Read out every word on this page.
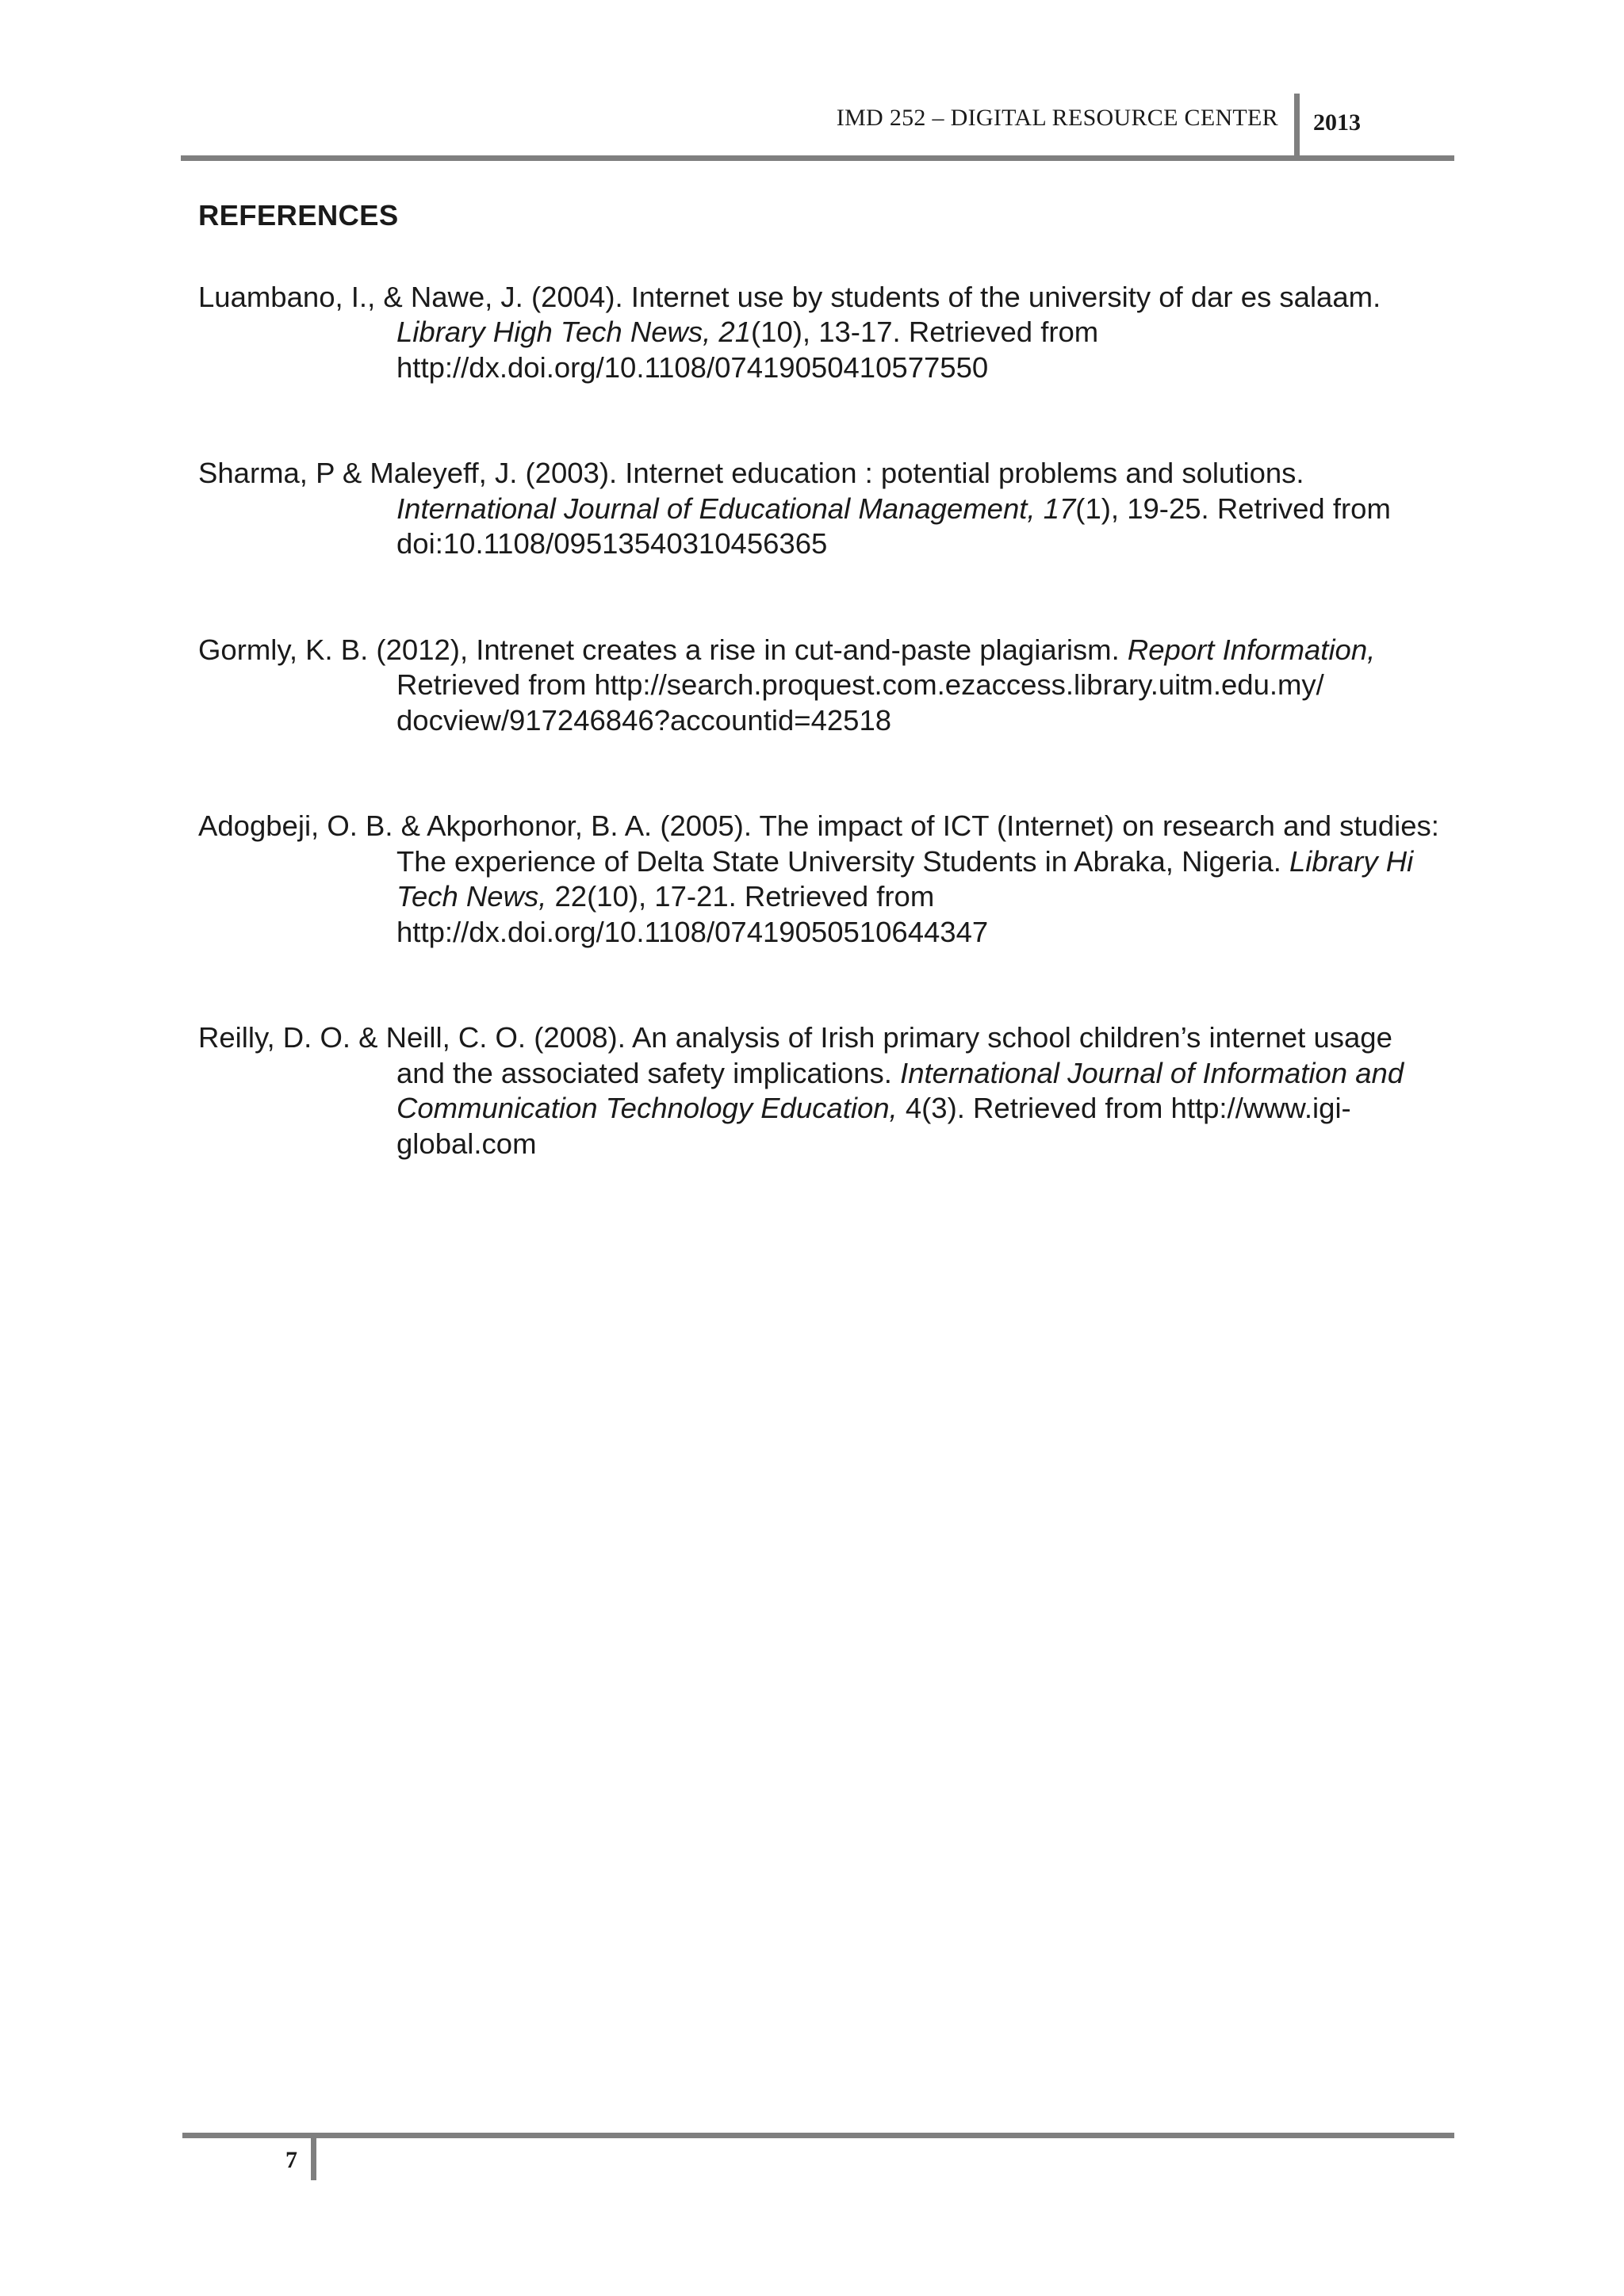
IMD 252 – DIGITAL RESOURCE CENTER 2013
REFERENCES

Luambano, I., & Nawe, J. (2004). Internet use by students of the university of dar es salaam. Library High Tech News, 21(10), 13-17. Retrieved from http://dx.doi.org/10.1108/07419050410577550

Sharma, P & Maleyeff, J. (2003). Internet education : potential problems and solutions. International Journal of Educational Management, 17(1), 19-25. Retrived from doi:10.1108/09513540310456365

Gormly, K. B. (2012), Intrenet creates a rise in cut-and-paste plagiarism. Report Information, Retrieved from http://search.proquest.com.ezaccess.library.uitm.edu.my/ docview/917246846?accountid=42518

Adogbeji, O. B. & Akporhonor, B. A. (2005). The impact of ICT (Internet) on research and studies: The experience of Delta State University Students in Abraka, Nigeria. Library Hi Tech News, 22(10), 17-21. Retrieved from http://dx.doi.org/10.1108/07419050510644347

Reilly, D. O. & Neill, C. O. (2008). An analysis of Irish primary school children’s internet usage and the associated safety implications. International Journal of Information and Communication Technology Education, 4(3). Retrieved from http://www.igi-global.com

7
